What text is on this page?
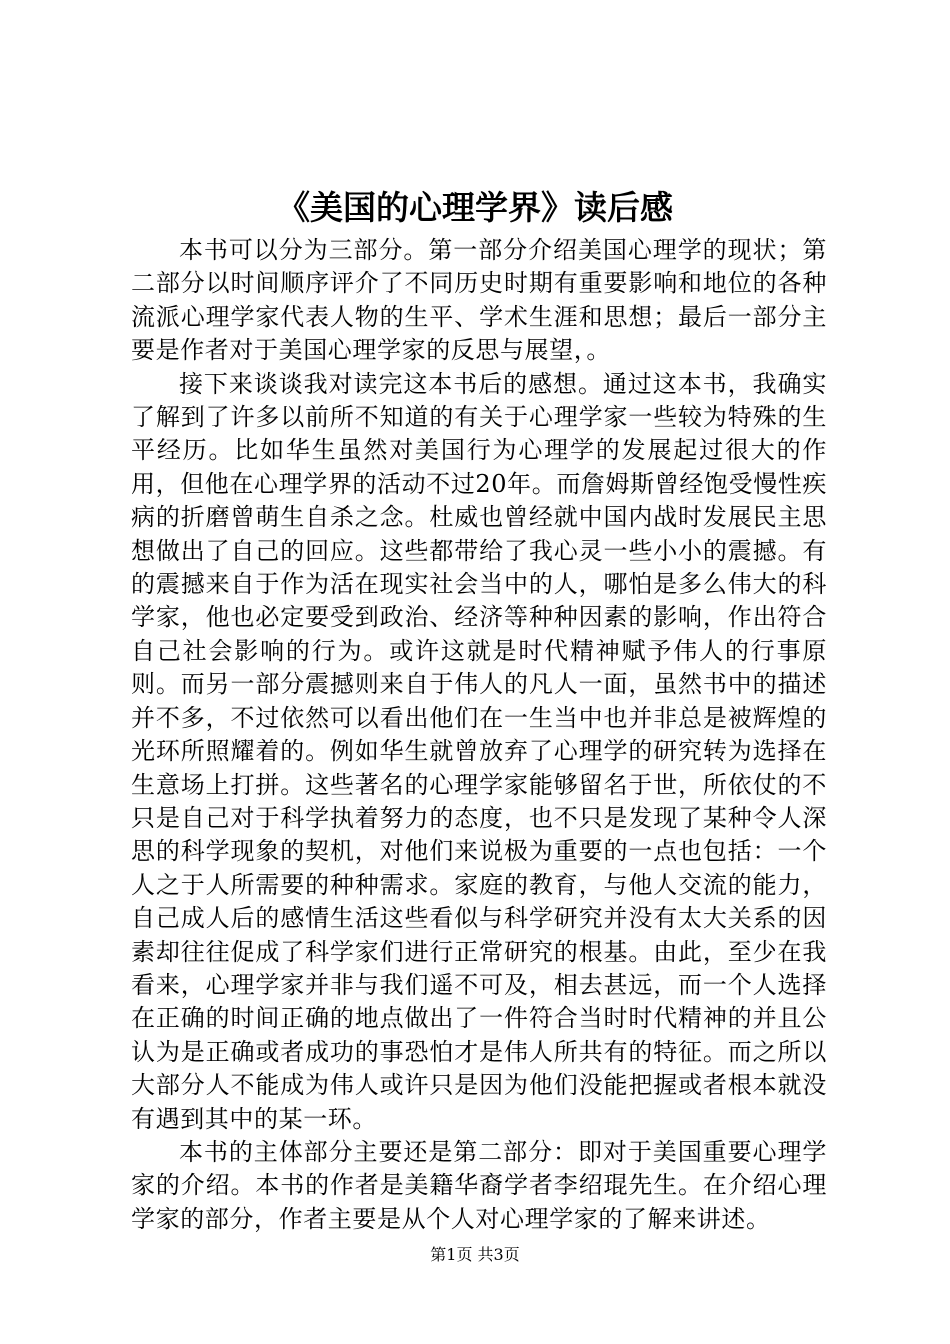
《美国的心理学界》读后感

本书可以分为三部分。第一部分介绍美国心理学的现状；第二部分以时间顺序评介了不同历史时期有重要影响和地位的各种流派心理学家代表人物的生平、学术生涯和思想；最后一部分主要是作者对于美国心理学家的反思与展望，。

接下来谈谈我对读完这本书后的感想。通过这本书，我确实了解到了许多以前所不知道的有关于心理学家一些较为特殊的生平经历。比如华生虽然对美国行为心理学的发展起过很大的作用，但他在心理学界的活动不过20年。而詹姆斯曾经饱受慢性疾病的折磨曾萌生自杀之念。杜威也曾经就中国内战时发展民主思想做出了自己的回应。这些都带给了我心灵一些小小的震撼。有的震撼来自于作为活在现实社会当中的人，哪怕是多么伟大的科学家，他也必定要受到政治、经济等种种因素的影响，作出符合自己社会影响的行为。或许这就是时代精神赋予伟人的行事原则。而另一部分震撼则来自于伟人的凡人一面，虽然书中的描述并不多，不过依然可以看出他们在一生当中也并非总是被辉煌的光环所照耀着的。例如华生就曾放弃了心理学的研究转为选择在生意场上打拼。这些著名的心理学家能够留名于世，所依仗的不只是自己对于科学执着努力的态度，也不只是发现了某种令人深思的科学现象的契机，对他们来说极为重要的一点也包括：一个人之于人所需要的种种需求。家庭的教育，与他人交流的能力，自己成人后的感情生活这些看似与科学研究并没有太大关系的因素却往往促成了科学家们进行正常研究的根基。由此，至少在我看来，心理学家并非与我们遥不可及，相去甚远，而一个人选择在正确的时间正确的地点做出了一件符合当时时代精神的并且公认为是正确或者成功的事恐怕才是伟人所共有的特征。而之所以大部分人不能成为伟人或许只是因为他们没能把握或者根本就没有遇到其中的某一环。

本书的主体部分主要还是第二部分：即对于美国重要心理学家的介绍。本书的作者是美籍华裔学者李绍琨先生。在介绍心理学家的部分，作者主要是从个人对心理学家的了解来讲述。

第1页 共3页
